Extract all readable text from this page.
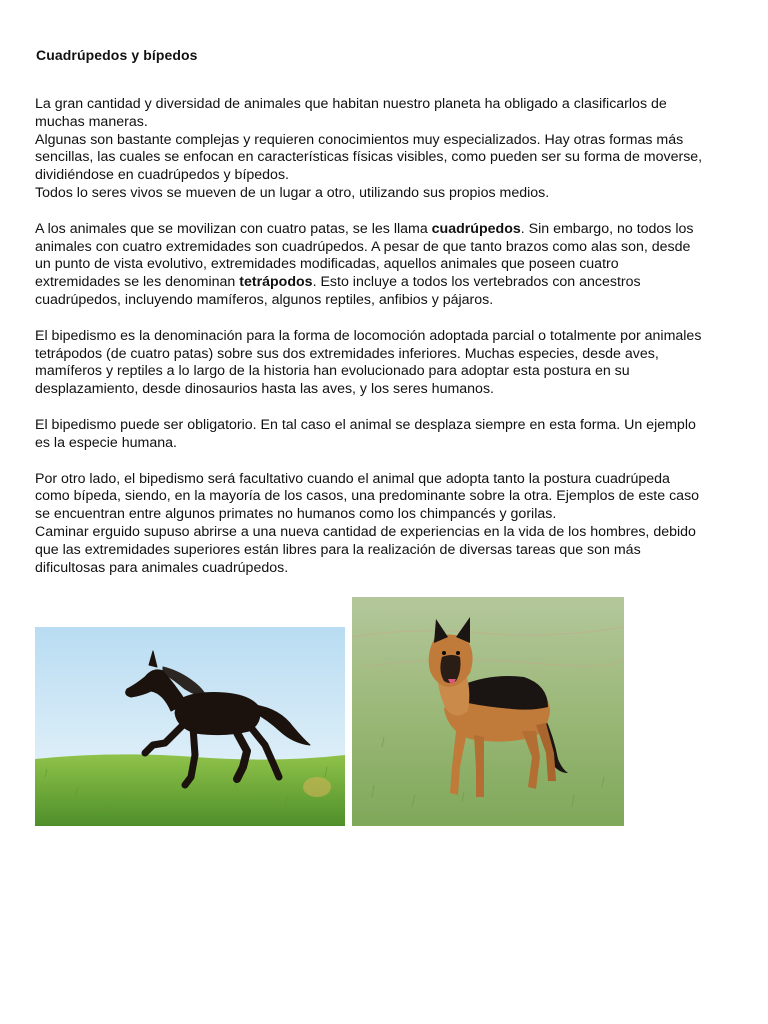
Cuadrúpedos y bípedos

La gran cantidad y diversidad de animales que habitan nuestro planeta ha obligado a clasificarlos de
muchas maneras.
Algunas son bastante complejas y requieren conocimientos muy especializados. Hay otras formas más
sencillas, las cuales se enfocan en características físicas visibles, como pueden ser su forma de moverse,
dividiéndose en cuadrúpedos y bípedos.
Todos lo seres vivos se mueven de un lugar a otro, utilizando sus propios medios.

A los animales que se movilizan con cuatro patas, se les llama cuadrúpedos. Sin embargo, no todos los
animales con cuatro extremidades son cuadrúpedos. A pesar de que tanto brazos como alas son, desde
un punto de vista evolutivo, extremidades modificadas, aquellos animales que poseen cuatro
extremidades se les denominan tetrápodos. Esto incluye a todos los vertebrados con ancestros
cuadrúpedos, incluyendo mamíferos, algunos reptiles, anfibios y pájaros.

El bipedismo es la denominación para la forma de locomoción adoptada parcial o totalmente por animales
tetrápodos (de cuatro patas) sobre sus dos extremidades inferiores. Muchas especies, desde aves,
mamíferos y reptiles a lo largo de la historia han evolucionado para adoptar esta postura en su
desplazamiento, desde dinosaurios hasta las aves, y los seres humanos.

El bipedismo puede ser obligatorio. En tal caso el animal se desplaza siempre en esta forma. Un ejemplo
es la especie humana.

Por otro lado, el bipedismo será facultativo cuando el animal que adopta tanto la postura cuadrúpeda
como bípeda, siendo, en la mayoría de los casos, una predominante sobre la otra. Ejemplos de este caso
se encuentran entre algunos primates no humanos como los chimpancés y gorilas.
Caminar erguido supuso abrirse a una nueva cantidad de experiencias en la vida de los hombres, debido
que las extremidades superiores están libres para la realización de diversas tareas que son más
dificultosas para animales cuadrúpedos.
